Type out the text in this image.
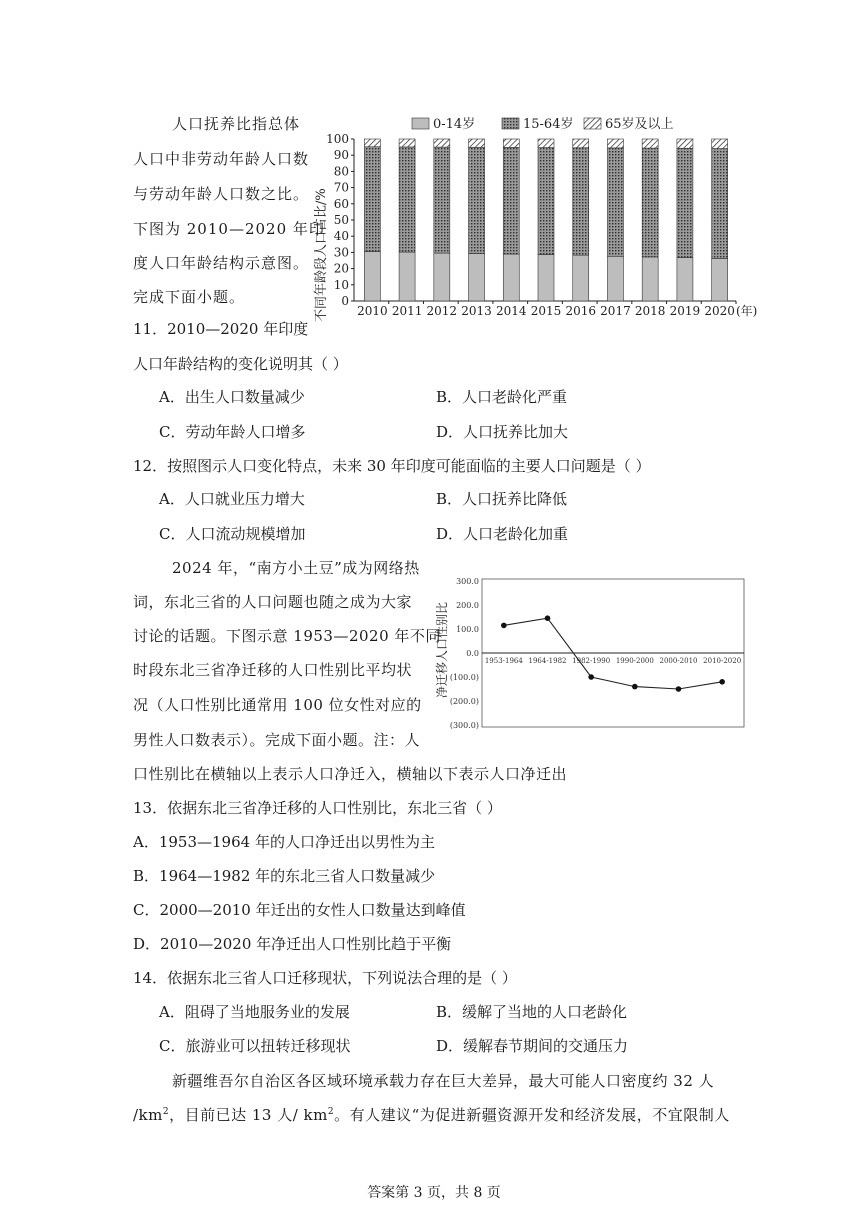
人口抚养比指总体
人口中非劳动年龄人口数
与劳动年龄人口数之比。
下图为 2010—2020 年印
度人口年龄结构示意图。
完成下面小题。
0-14岁	15-64岁 65岁及以上
不同年龄段人口占比/% 0
10
20
30
40
50
60
70
80
90
100
2010 2011 2012 2013 2014 2015 2016 2017 2018 2019 2020 (年)
11．2010—2020 年印度
人口年龄结构的变化说明其（ ）
A．出生人口数量减少	B．人口老龄化严重
C．劳动年龄人口增多	D．人口抚养比加大
12．按照图示人口变化特点，未来 30 年印度可能面临的主要人口问题是（ ）
A．人口就业压力增大	B．人口抚养比降低
C．人口流动规模增加	D．人口老龄化加重
2024 年，“南方小土豆”成为网络热
词，东北三省的人口问题也随之成为大家
讨论的话题。下图示意 1953—2020 年不同
时段东北三省净迁移的人口性别比平均状
况（人口性别比通常用 100 位女性对应的
男性人口数表示）。完成下面小题。注：人
口性别比在横轴以上表示人口净迁入，横轴以下表示人口净迁出
净迁移人口性别比
300.0
200.0
100.0
0.0
(100.0)
(200.0)
(300.0)
1953-1964 1964-1982 1982-1990 1990-2000 2000-2010 2010-2020
13．依据东北三省净迁移的人口性别比，东北三省（ ）
A．1953—1964 年的人口净迁出以男性为主
B．1964—1982 年的东北三省人口数量减少
C．2000—2010 年迁出的女性人口数量达到峰值
D．2010—2020 年净迁出人口性别比趋于平衡
14．依据东北三省人口迁移现状，下列说法合理的是（ ）
A．阻碍了当地服务业的发展	B．缓解了当地的人口老龄化
C．旅游业可以扭转迁移现状	D．缓解春节期间的交通压力
新疆维吾尔自治区各区域环境承载力存在巨大差异，最大可能人口密度约 32 人
$/km^2$，目前已达 13 人/ $km^2$。有人建议“为促进新疆资源开发和经济发展，不宜限制人
答案第 3 页，共 8 页
